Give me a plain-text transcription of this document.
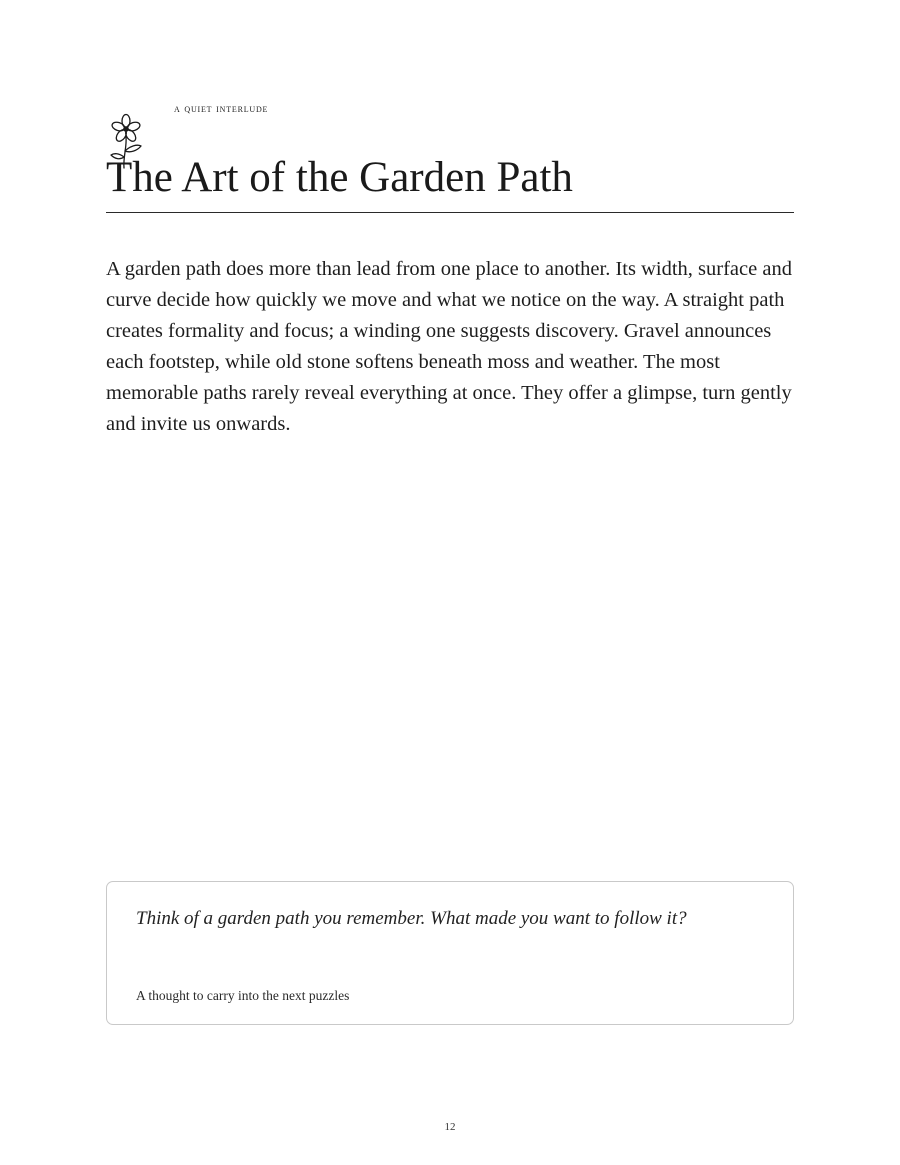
a quiet interlude
The Art of the Garden Path

A garden path does more than lead from one place to another. Its width, surface and curve decide how quickly we move and what we notice on the way. A straight path creates formality and focus; a winding one suggests discovery. Gravel announces each footstep, while old stone softens beneath moss and weather. The most memorable paths rarely reveal everything at once. They offer a glimpse, turn gently and invite us onwards.

Think of a garden path you remember. What made you want to follow it?
A thought to carry into the next puzzles
12
